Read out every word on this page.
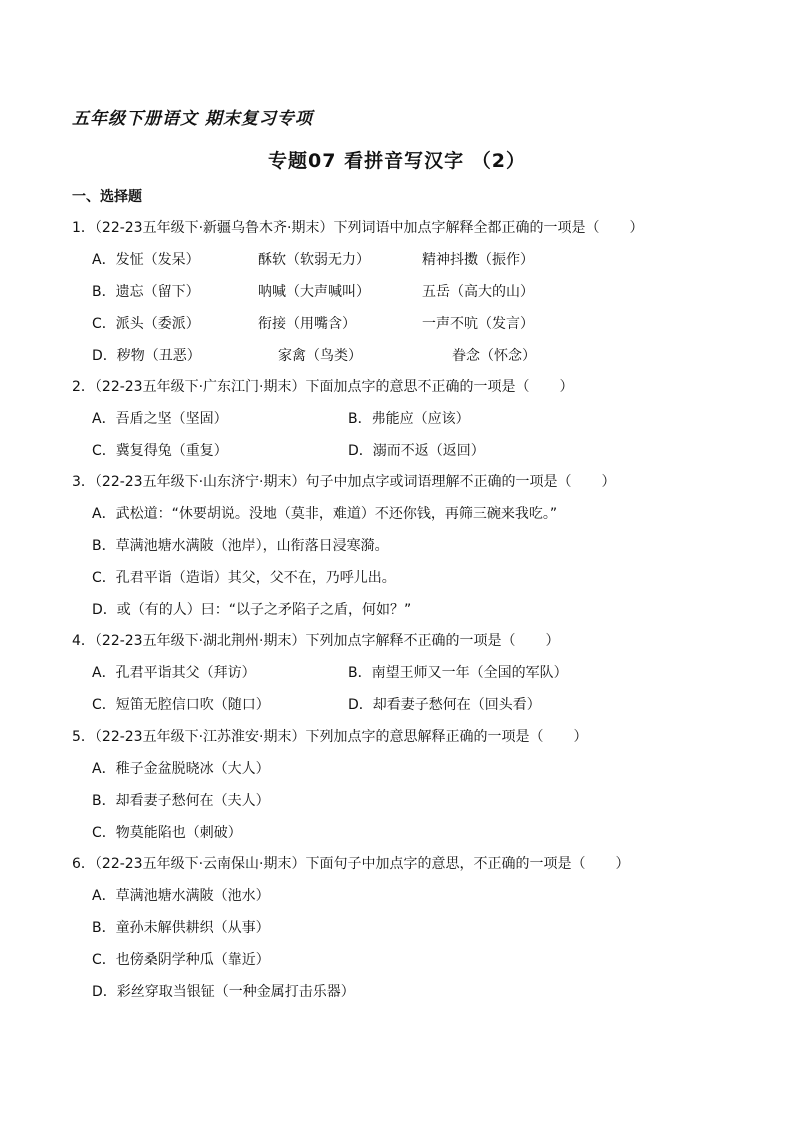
五年级下册语文 期末复习专项
专题07 看拼音写汉字 （2）
一、选择题
1．（22-23五年级下·新疆乌鲁木齐·期末）下列词语中加点字解释全都正确的一项是（ ）
A．发怔（发呆）	酥软（软弱无力）	精神抖擞（振作）
B．遗忘（留下）	呐喊（大声喊叫）	五岳（高大的山）
C．派头（委派）	衔接（用嘴含）	一声不吭（发言）
D．秽物（丑恶）	家禽（鸟类）	眷念（怀念）
2．（22-23五年级下·广东江门·期末）下面加点字的意思不正确的一项是（ ）
A．吾盾之坚（坚固）	B．弗能应（应该）
C．冀复得兔（重复）	D．溺而不返（返回）
3．（22-23五年级下·山东济宁·期末）句子中加点字或词语理解不正确的一项是（ ）
A．武松道：“休要胡说。没地（莫非，难道）不还你钱，再筛三碗来我吃。”
B．草满池塘水满陂（池岸），山衔落日浸寒漪。
C．孔君平诣（造诣）其父，父不在，乃呼儿出。
D．或（有的人）曰：“以子之矛陷子之盾，何如？”
4．（22-23五年级下·湖北荆州·期末）下列加点字解释不正确的一项是（ ）
A．孔君平诣其父（拜访）	B．南望王师又一年（全国的军队）
C．短笛无腔信口吹（随口）	D．却看妻子愁何在（回头看）
5．（22-23五年级下·江苏淮安·期末）下列加点字的意思解释正确的一项是（ ）
A．稚子金盆脱晓冰（大人）
B．却看妻子愁何在（夫人）
C．物莫能陷也（刺破）
6．（22-23五年级下·云南保山·期末）下面句子中加点字的意思，不正确的一项是（ ）
A．草满池塘水满陂（池水）
B．童孙未解供耕织（从事）
C．也傍桑阴学种瓜（靠近）
D．彩丝穿取当银钲（一种金属打击乐器）
